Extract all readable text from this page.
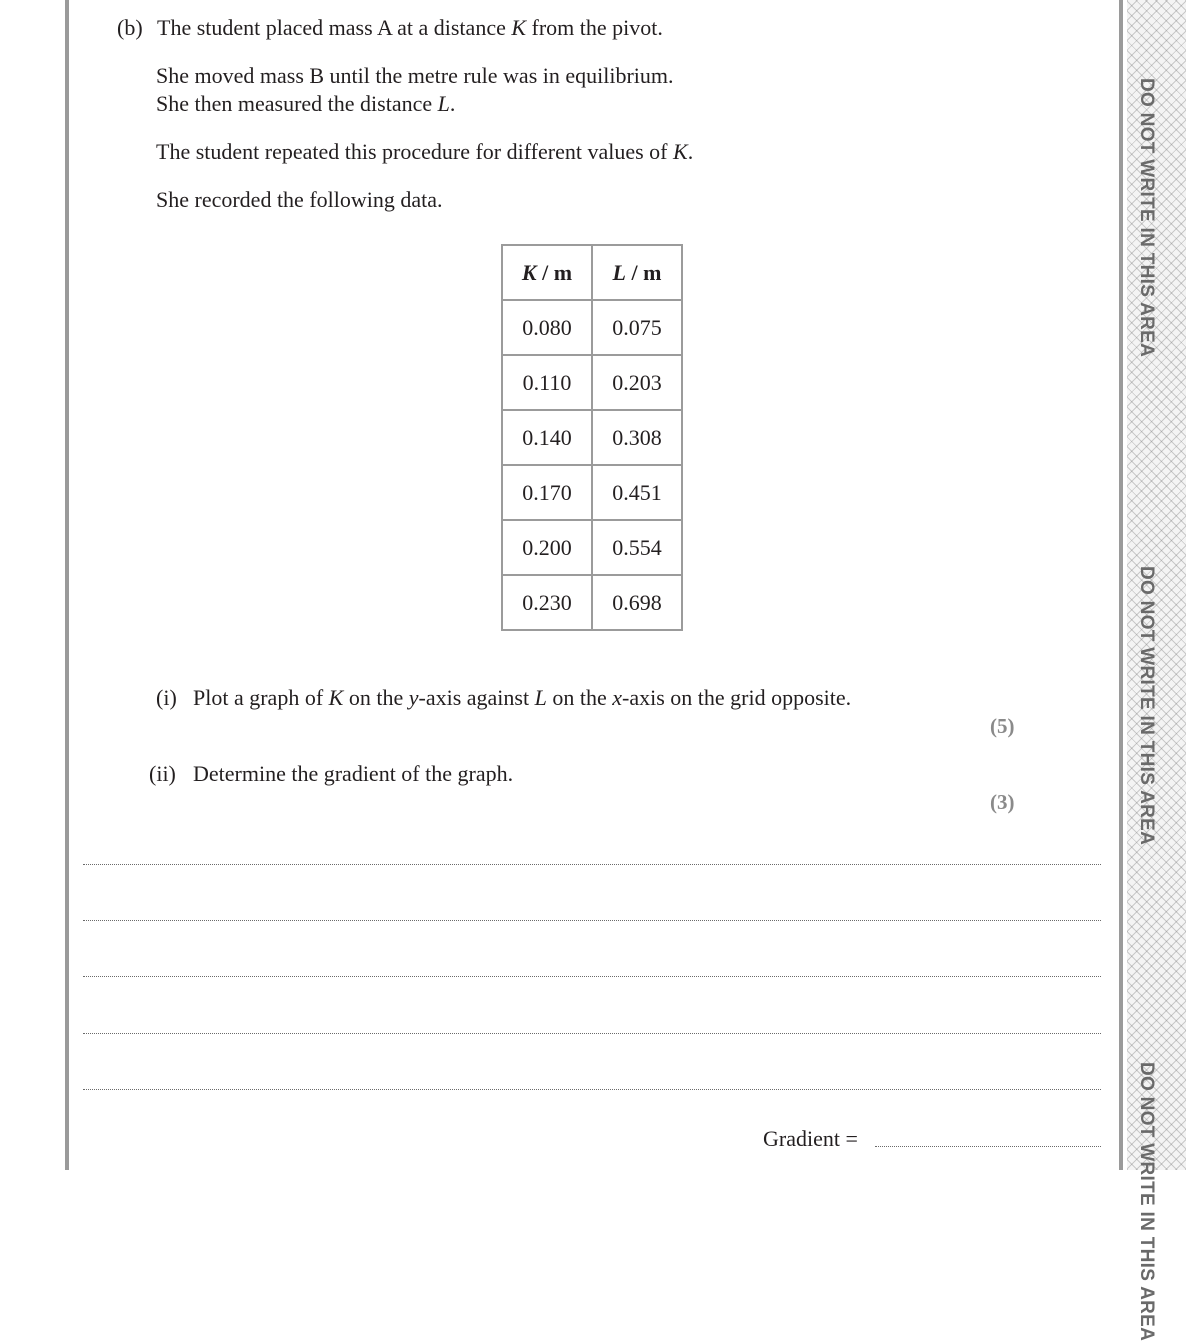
DO NOT WRITE IN THIS AREA
DO NOT WRITE IN THIS AREA
DO NOT WRITE IN THIS AREA
(b) The student placed mass A at a distance K from the pivot.
She moved mass B until the metre rule was in equilibrium.
She then measured the distance L.
The student repeated this procedure for different values of K.
She recorded the following data.
K / m	L / m
0.080	0.075
0.110	0.203
0.140	0.308
0.170	0.451
0.200	0.554
0.230	0.698
(i) Plot a graph of K on the y-axis against L on the x-axis on the grid opposite.
(5)
(ii) Determine the gradient of the graph.
(3)
Gradient =
